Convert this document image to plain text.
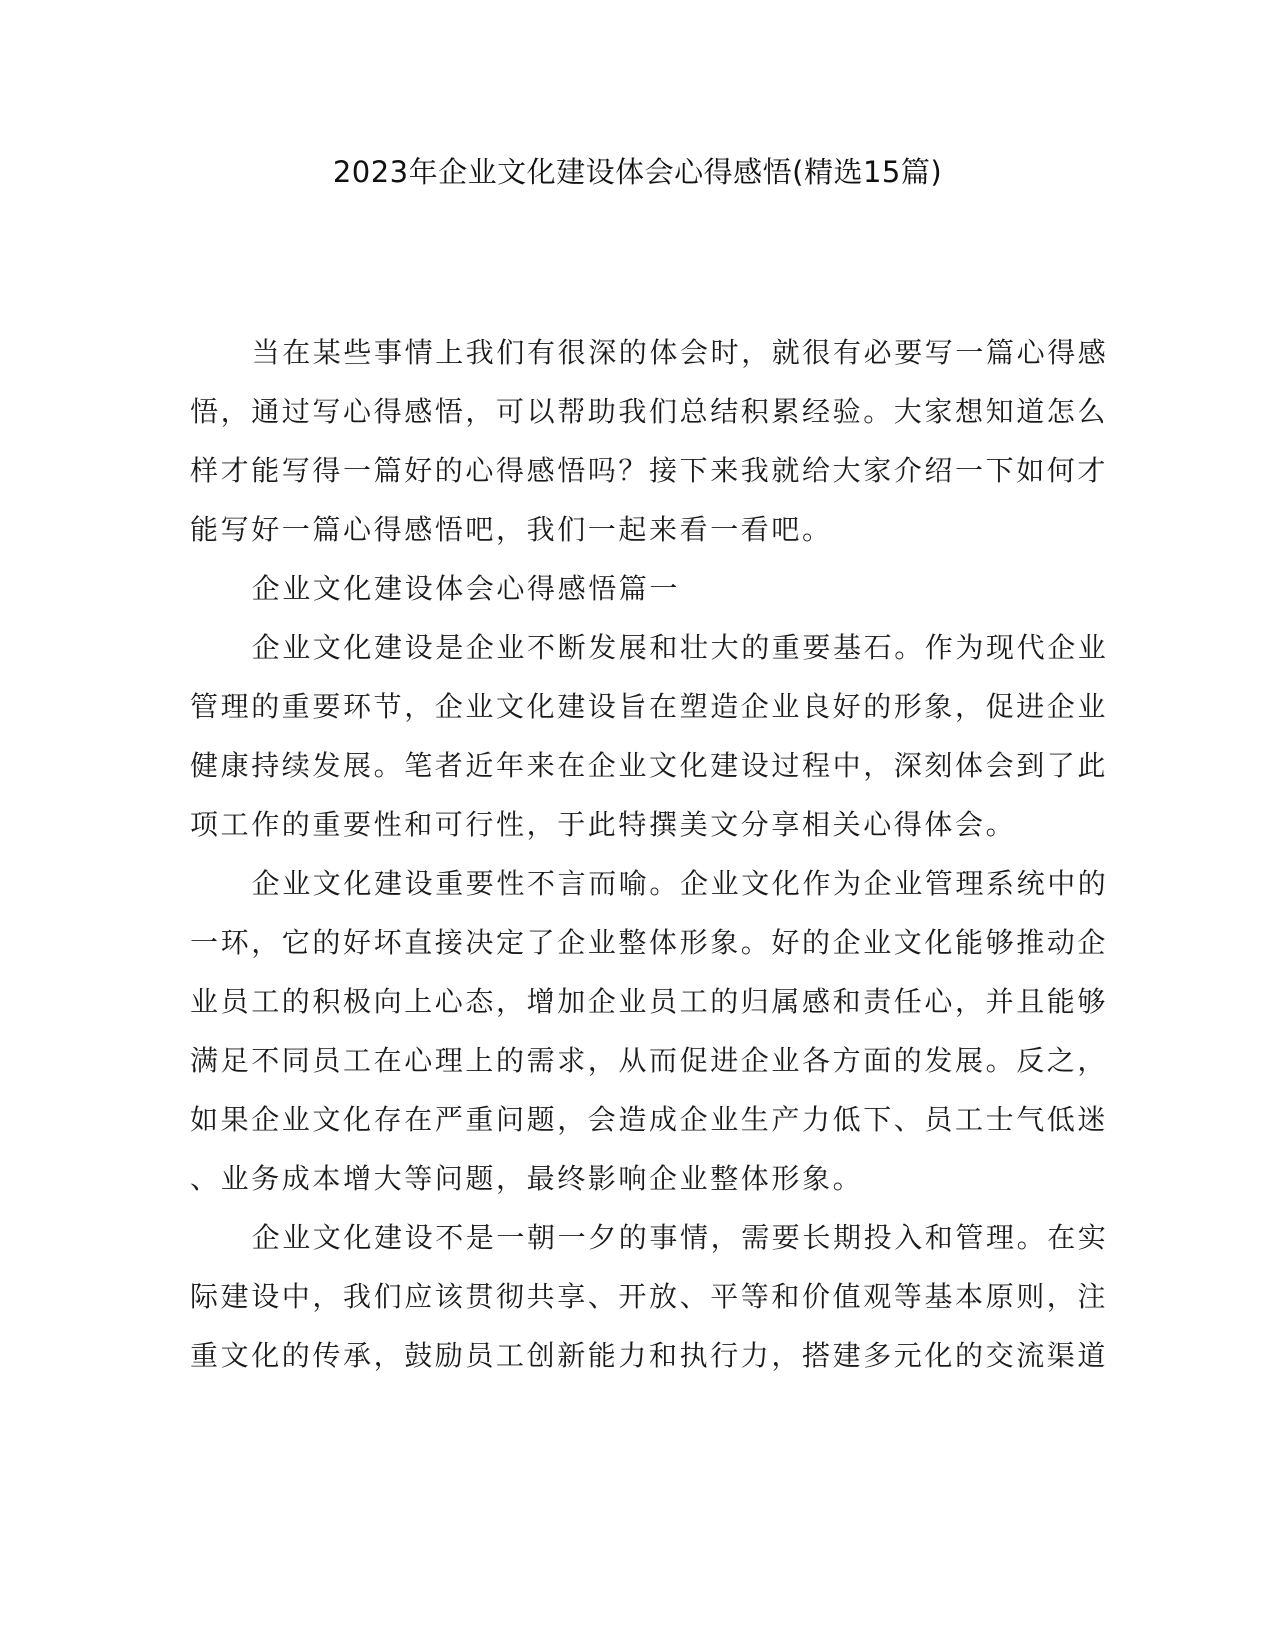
2023年企业文化建设体会心得感悟(精选15篇)

当在某些事情上我们有很深的体会时，就很有必要写一篇心得感
悟，通过写心得感悟，可以帮助我们总结积累经验。大家想知道怎么
样才能写得一篇好的心得感悟吗？接下来我就给大家介绍一下如何才
能写好一篇心得感悟吧，我们一起来看一看吧。

企业文化建设体会心得感悟篇一

企业文化建设是企业不断发展和壮大的重要基石。作为现代企业
管理的重要环节，企业文化建设旨在塑造企业良好的形象，促进企业
健康持续发展。笔者近年来在企业文化建设过程中，深刻体会到了此
项工作的重要性和可行性，于此特撰美文分享相关心得体会。

企业文化建设重要性不言而喻。企业文化作为企业管理系统中的
一环，它的好坏直接决定了企业整体形象。好的企业文化能够推动企
业员工的积极向上心态，增加企业员工的归属感和责任心，并且能够
满足不同员工在心理上的需求，从而促进企业各方面的发展。反之，
如果企业文化存在严重问题，会造成企业生产力低下、员工士气低迷
、业务成本增大等问题，最终影响企业整体形象。

企业文化建设不是一朝一夕的事情，需要长期投入和管理。在实
际建设中，我们应该贯彻共享、开放、平等和价值观等基本原则，注
重文化的传承，鼓励员工创新能力和执行力，搭建多元化的交流渠道
